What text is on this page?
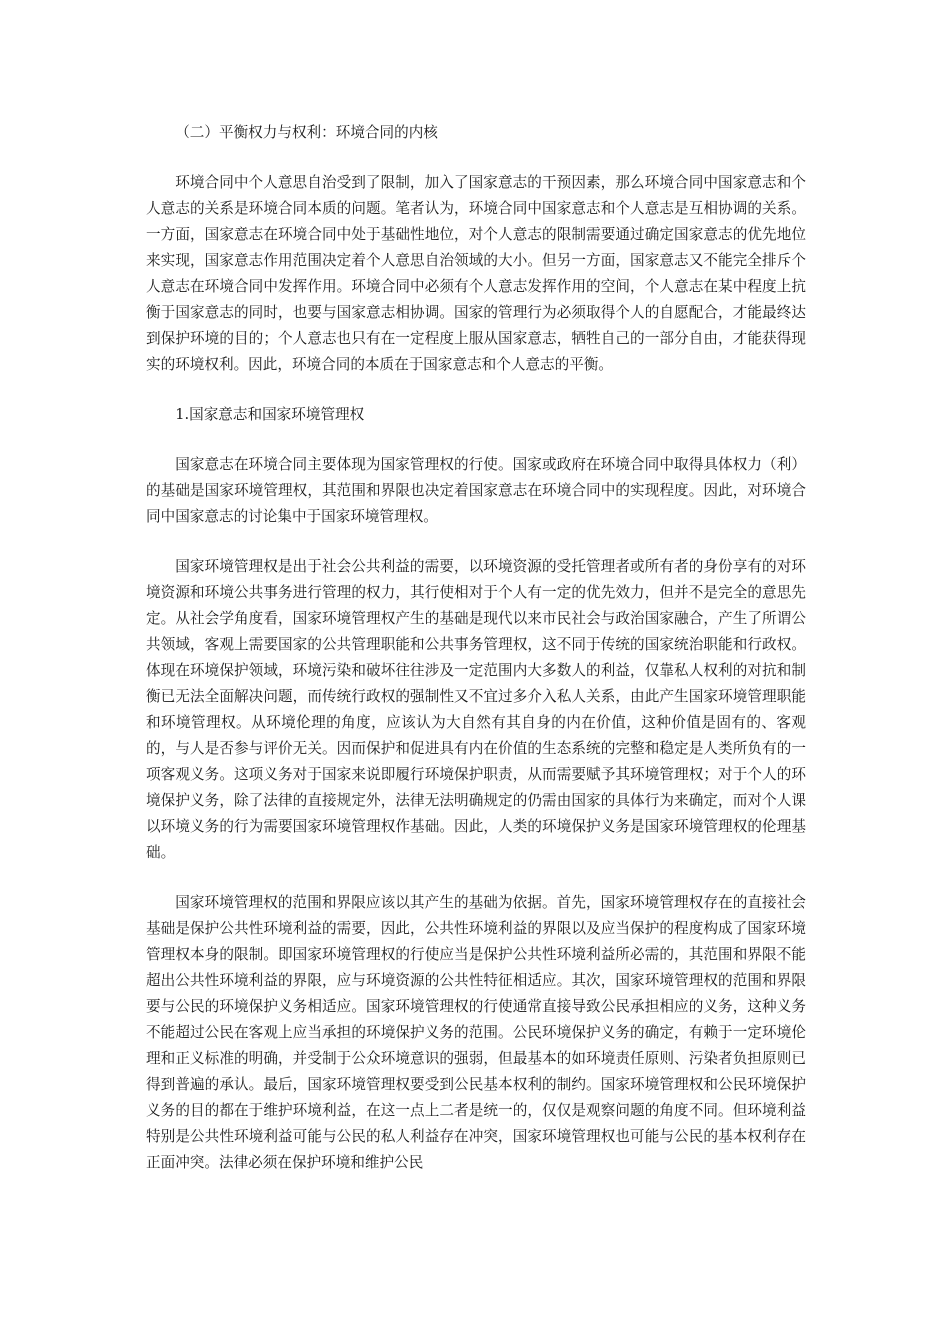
（二）平衡权力与权利：环境合同的内核

环境合同中个人意思自治受到了限制，加入了国家意志的干预因素，那么环境合同中国家意志和个人意志的关系是环境合同本质的问题。笔者认为，环境合同中国家意志和个人意志是互相协调的关系。一方面，国家意志在环境合同中处于基础性地位，对个人意志的限制需要通过确定国家意志的优先地位来实现，国家意志作用范围决定着个人意思自治领域的大小。但另一方面，国家意志又不能完全排斥个人意志在环境合同中发挥作用。环境合同中必须有个人意志发挥作用的空间，个人意志在某中程度上抗衡于国家意志的同时，也要与国家意志相协调。国家的管理行为必须取得个人的自愿配合，才能最终达到保护环境的目的；个人意志也只有在一定程度上服从国家意志，牺牲自己的一部分自由，才能获得现实的环境权利。因此，环境合同的本质在于国家意志和个人意志的平衡。

1.国家意志和国家环境管理权

国家意志在环境合同主要体现为国家管理权的行使。国家或政府在环境合同中取得具体权力（利）的基础是国家环境管理权，其范围和界限也决定着国家意志在环境合同中的实现程度。因此，对环境合同中国家意志的讨论集中于国家环境管理权。

国家环境管理权是出于社会公共利益的需要，以环境资源的受托管理者或所有者的身份享有的对环境资源和环境公共事务进行管理的权力，其行使相对于个人有一定的优先效力，但并不是完全的意思先定。从社会学角度看，国家环境管理权产生的基础是现代以来市民社会与政治国家融合，产生了所谓公共领域，客观上需要国家的公共管理职能和公共事务管理权，这不同于传统的国家统治职能和行政权。体现在环境保护领域，环境污染和破坏往往涉及一定范围内大多数人的利益，仅靠私人权利的对抗和制衡已无法全面解决问题，而传统行政权的强制性又不宜过多介入私人关系，由此产生国家环境管理职能和环境管理权。从环境伦理的角度，应该认为大自然有其自身的内在价值，这种价值是固有的、客观的，与人是否参与评价无关。因而保护和促进具有内在价值的生态系统的完整和稳定是人类所负有的一项客观义务。这项义务对于国家来说即履行环境保护职责，从而需要赋予其环境管理权；对于个人的环境保护义务，除了法律的直接规定外，法律无法明确规定的仍需由国家的具体行为来确定，而对个人课以环境义务的行为需要国家环境管理权作基础。因此，人类的环境保护义务是国家环境管理权的伦理基础。

国家环境管理权的范围和界限应该以其产生的基础为依据。首先，国家环境管理权存在的直接社会基础是保护公共性环境利益的需要，因此，公共性环境利益的界限以及应当保护的程度构成了国家环境管理权本身的限制。即国家环境管理权的行使应当是保护公共性环境利益所必需的，其范围和界限不能超出公共性环境利益的界限，应与环境资源的公共性特征相适应。其次，国家环境管理权的范围和界限要与公民的环境保护义务相适应。国家环境管理权的行使通常直接导致公民承担相应的义务，这种义务不能超过公民在客观上应当承担的环境保护义务的范围。公民环境保护义务的确定，有赖于一定环境伦理和正义标准的明确，并受制于公众环境意识的强弱，但最基本的如环境责任原则、污染者负担原则已得到普遍的承认。最后，国家环境管理权要受到公民基本权利的制约。国家环境管理权和公民环境保护义务的目的都在于维护环境利益，在这一点上二者是统一的，仅仅是观察问题的角度不同。但环境利益特别是公共性环境利益可能与公民的私人利益存在冲突，国家环境管理权也可能与公民的基本权利存在正面冲突。法律必须在保护环境和维护公民
